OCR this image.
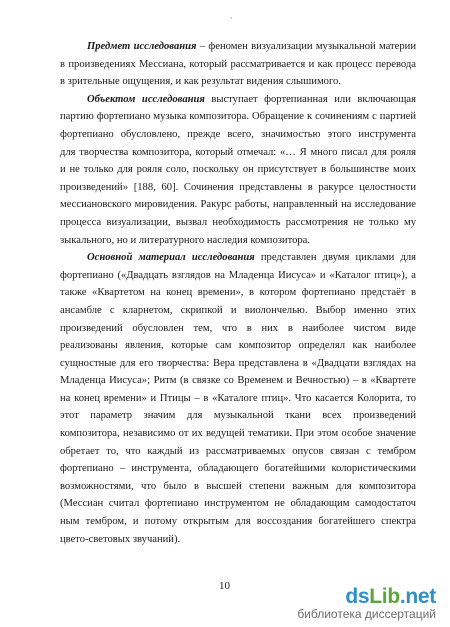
·
Предмет исследования – феномен визуализации музыкальной материи
в произведениях Мессиана, который рассматривается и как процесс перевода
в зрительные ощущения, и как результат видения слышимого.
Объектом исследования выступает фортепианная или включающая
партию фортепиано музыка композитора. Обращение к сочинениям с партией
фортепиано обусловлено, прежде всего, значимостью этого инструмента
для творчества композитора, который отмечал: «… Я много писал для рояля
и не только для рояля соло, поскольку он присутствует в большинстве моих
произведений» [188, 60]. Сочинения представлены в ракурсе целостности
мессиановского мировидения. Ракурс работы, направленный на исследование
процесса визуализации, вызвал необходимость рассмотрения не только му
зыкального, но и литературного наследия композитора.
Основной материал исследования представлен двумя циклами для
фортепиано («Двадцать взглядов на Младенца Иисуса» и «Каталог птиц»), а
также «Квартетом на конец времени», в котором фортепиано предстаёт в
ансамбле с кларнетом, скрипкой и виолончелью. Выбор именно этих
произведений обусловлен тем, что в них в наиболее чистом виде
реализованы явления, которые сам композитор определял как наиболее
сущностные для его творчества: Вера представлена в «Двадцати взглядах на
Младенца Иисуса»; Ритм (в связке со Временем и Вечностью) – в «Квартете
на конец времени» и Птицы – в «Каталоге птиц». Что касается Колорита, то
этот параметр значим для музыкальной ткани всех произведений
композитора, независимо от их ведущей тематики. При этом особое значение
обретает то, что каждый из рассматриваемых опусов связан с тембром
фортепиано – инструмента, обладающего богатейшими колористическими
возможностями, что было в высшей степени важным для композитора
(Мессиан считал фортепиано инструментом не обладающим самодостаточ
ным тембром, и потому открытым для воссоздания богатейшего спектра
цвето-световых звучаний).
10	dsLib.net
библиотека диссертаций
